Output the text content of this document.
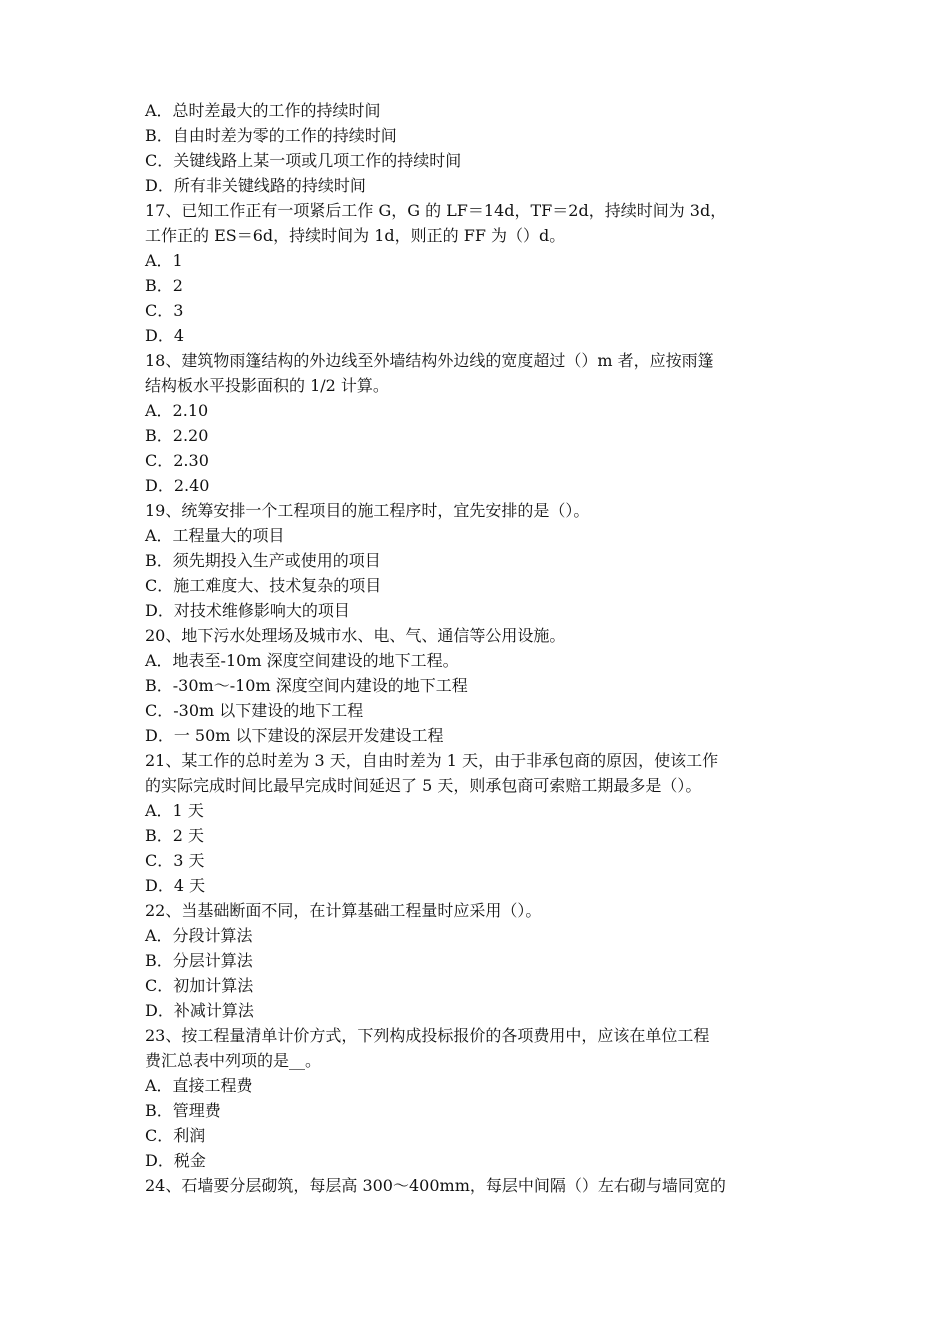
A．总时差最大的工作的持续时间
B．自由时差为零的工作的持续时间
C．关键线路上某一项或几项工作的持续时间
D．所有非关键线路的持续时间
17、已知工作正有一项紧后工作 G，G 的 LF＝14d，TF＝2d，持续时间为 3d，
工作正的 ES＝6d，持续时间为 1d，则正的 FF 为（）d。
A．1
B．2
C．3
D．4
18、建筑物雨篷结构的外边线至外墙结构外边线的宽度超过（）m 者，应按雨篷
结构板水平投影面积的 1/2 计算。
A．2.10
B．2.20
C．2.30
D．2.40
19、统筹安排一个工程项目的施工程序时，宜先安排的是（）。
A．工程量大的项目
B．须先期投入生产或使用的项目
C．施工难度大、技术复杂的项目
D．对技术维修影响大的项目
20、地下污水处理场及城市水、电、气、通信等公用设施。
A．地表至-10m 深度空间建设的地下工程。
B．-30m～-10m 深度空间内建设的地下工程
C．-30m 以下建设的地下工程
D．一 50m 以下建设的深层开发建设工程
21、某工作的总时差为 3 天，自由时差为 1 天，由于非承包商的原因，使该工作
的实际完成时间比最早完成时间延迟了 5 天，则承包商可索赔工期最多是（）。
A．1 天
B．2 天
C．3 天
D．4 天
22、当基础断面不同，在计算基础工程量时应采用（）。
A．分段计算法
B．分层计算法
C．初加计算法
D．补减计算法
23、按工程量清单计价方式，下列构成投标报价的各项费用中，应该在单位工程
费汇总表中列项的是__。
A．直接工程费
B．管理费
C．利润
D．税金
24、石墙要分层砌筑，每层高 300～400mm，每层中间隔（）左右砌与墙同宽的
